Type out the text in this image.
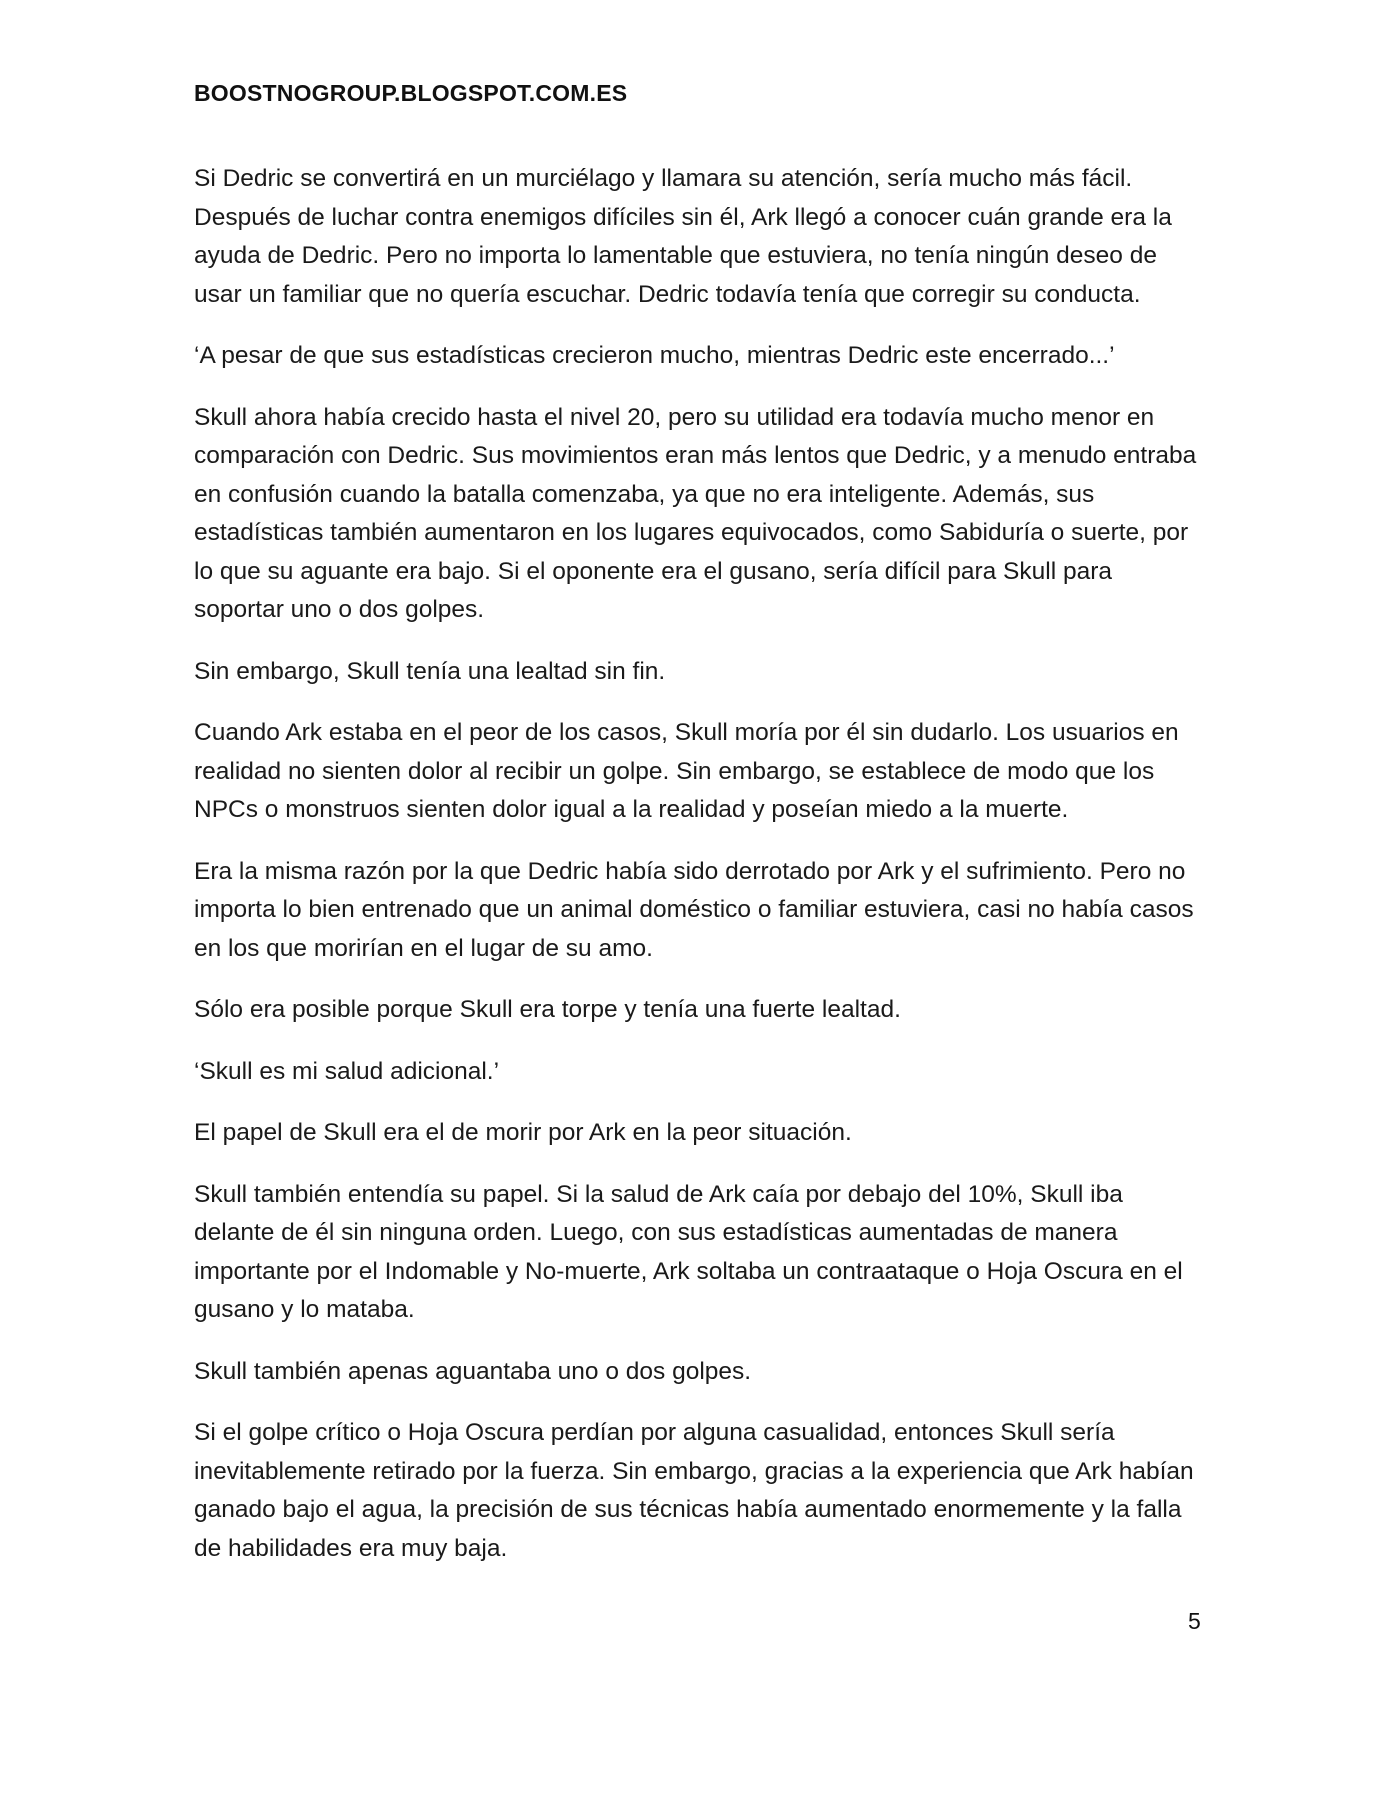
BOOSTNOGROUP.BLOGSPOT.COM.ES

Si Dedric se convertirá en un murciélago y llamara su atención, sería mucho más fácil. Después de luchar contra enemigos difíciles sin él, Ark llegó a conocer cuán grande era la ayuda de Dedric. Pero no importa lo lamentable que estuviera, no tenía ningún deseo de usar un familiar que no quería escuchar. Dedric todavía tenía que corregir su conducta.

‘A pesar de que sus estadísticas crecieron mucho, mientras Dedric este encerrado...’

Skull ahora había crecido hasta el nivel 20, pero su utilidad era todavía mucho menor en comparación con Dedric. Sus movimientos eran más lentos que Dedric, y a menudo entraba en confusión cuando la batalla comenzaba, ya que no era inteligente. Además, sus estadísticas también aumentaron en los lugares equivocados, como Sabiduría o suerte, por lo que su aguante era bajo. Si el oponente era el gusano, sería difícil para Skull para soportar uno o dos golpes.

Sin embargo, Skull tenía una lealtad sin fin.

Cuando Ark estaba en el peor de los casos, Skull moría por él sin dudarlo. Los usuarios en realidad no sienten dolor al recibir un golpe. Sin embargo, se establece de modo que los NPCs o monstruos sienten dolor igual a la realidad y poseían miedo a la muerte.

Era la misma razón por la que Dedric había sido derrotado por Ark y el sufrimiento. Pero no importa lo bien entrenado que un animal doméstico o familiar estuviera, casi no había casos en los que morirían en el lugar de su amo.

Sólo era posible porque Skull era torpe y tenía una fuerte lealtad.

‘Skull es mi salud adicional.’

El papel de Skull era el de morir por Ark en la peor situación.

Skull también entendía su papel. Si la salud de Ark caía por debajo del 10%, Skull iba delante de él sin ninguna orden. Luego, con sus estadísticas aumentadas de manera importante por el Indomable y No-muerte, Ark soltaba un contraataque o Hoja Oscura en el gusano y lo mataba.

Skull también apenas aguantaba uno o dos golpes.

Si el golpe crítico o Hoja Oscura perdían por alguna casualidad, entonces Skull sería inevitablemente retirado por la fuerza. Sin embargo, gracias a la experiencia que Ark habían ganado bajo el agua, la precisión de sus técnicas había aumentado enormemente y la falla de habilidades era muy baja.

5
